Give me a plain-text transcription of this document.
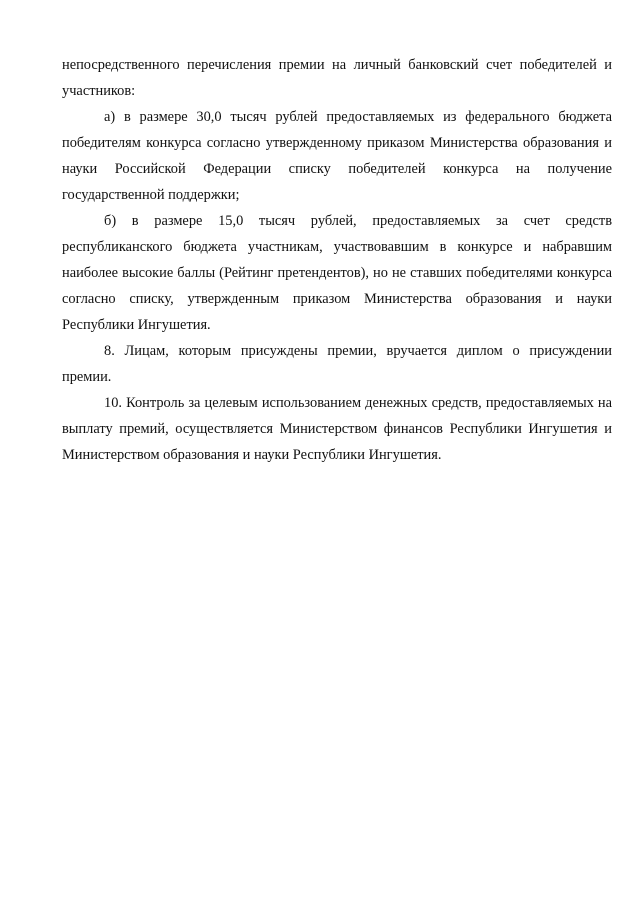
непосредственного перечисления премии на личный банковский счет победителей и участников:

а) в размере 30,0 тысяч рублей предоставляемых из федерального бюджета победителям конкурса согласно утвержденному приказом Министерства образования и науки Российской Федерации списку победителей конкурса на получение государственной поддержки;

б) в размере 15,0 тысяч рублей, предоставляемых за счет средств республиканского бюджета участникам, участвовавшим в конкурсе и набравшим наиболее высокие баллы (Рейтинг претендентов), но не ставших победителями конкурса согласно списку, утвержденным приказом Министерства образования и науки Республики Ингушетия.

8. Лицам, которым присуждены премии, вручается диплом о присуждении премии.

10. Контроль за целевым использованием денежных средств, предоставляемых на выплату премий, осуществляется Министерством финансов Республики Ингушетия и Министерством образования и науки Республики Ингушетия.
